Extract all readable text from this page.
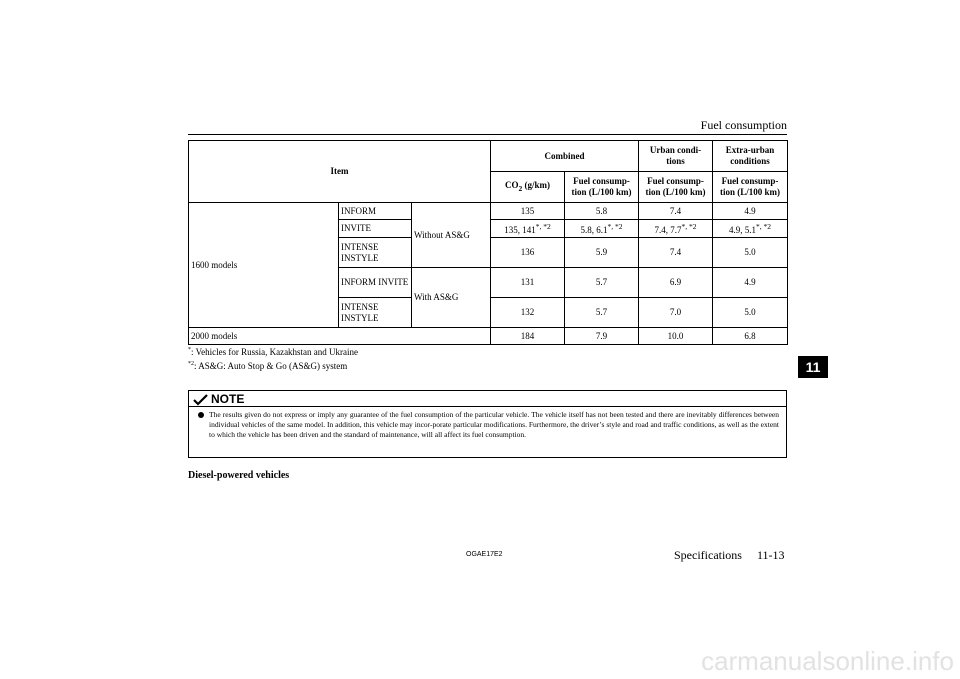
Fuel consumption
Item			Combined		Urban condi-tions	Extra-urban conditions
			$CO_2$ (g/km)	Fuel consump-tion (L/100 km)	Fuel consump-tion (L/100 km)	Fuel consump-tion (L/100 km)
1600 models	INFORM	Without AS&G	135	5.8	7.4	4.9
	INVITE		135, $141^{*, *2}$	5.8, $6.1^{*, *2}$	7.4, $7.7^{*, *2}$	4.9, $5.1^{*, *2}$
	INTENSE INSTYLE		136	5.9	7.4	5.0
	INFORM INVITE	With AS&G	131	5.7	6.9	4.9
	INTENSE INSTYLE		132	5.7	7.0	5.0
2000 models			184	7.9	10.0	6.8
*: Vehicles for Russia, Kazakhstan and Ukraine
$^{*2}$: AS&G: Auto Stop & Go (AS&G) system
NOTE
The results given do not express or imply any guarantee of the fuel consumption of the particular vehicle. The vehicle itself has not been tested and there are inevitably differences between individual vehicles of the same model. In addition, this vehicle may incor-porate particular modifications. Furthermore, the driver’s style and road and traffic conditions, as well as the extent to which the vehicle has been driven and the standard of maintenance, will all affect its fuel consumption.
Diesel-powered vehicles
OGAE17E2	Specifications 11-13
11
carmanualsonline.info
